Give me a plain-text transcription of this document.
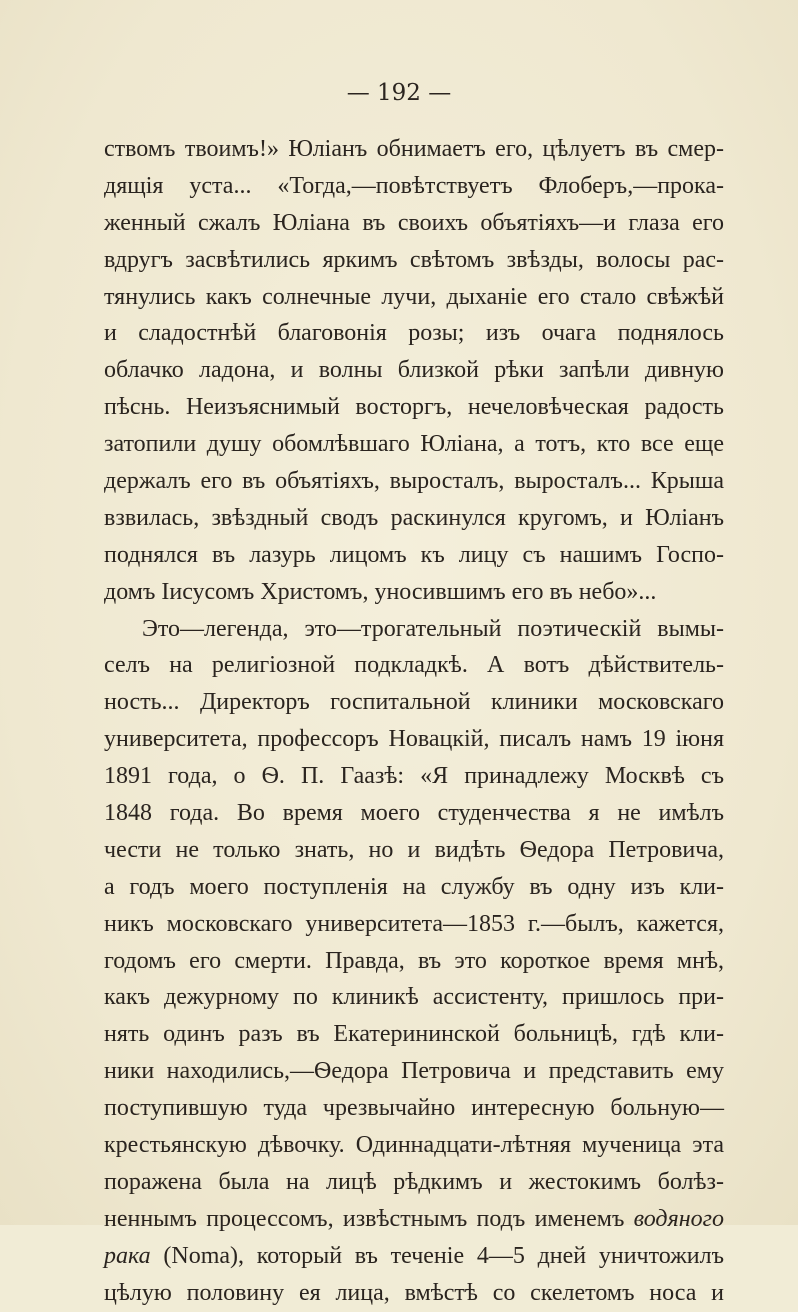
— 192 —
ствомъ твоимъ!» Юліанъ обнимаетъ его, цѣлуетъ въ смер-
дящія уста... «Тогда,—повѣтствуетъ Флоберъ,—прока-
женный сжалъ Юліана въ своихъ объятіяхъ—и глаза его
вдругъ засвѣтились яркимъ свѣтомъ звѣзды, волосы рас-
тянулись какъ солнечные лучи, дыханіе его стало свѣжѣй
и сладостнѣй благовонія розы; изъ очага поднялось
облачко ладона, и волны близкой рѣки запѣли дивную
пѣснь. Неизъяснимый восторгъ, нечеловѣческая радость
затопили душу обомлѣвшаго Юліана, а тотъ, кто все еще
держалъ его въ объятіяхъ, выросталъ, выросталъ... Крыша
взвилась, звѣздный сводъ раскинулся кругомъ, и Юліанъ
поднялся въ лазурь лицомъ къ лицу съ нашимъ Госпо-
домъ Іисусомъ Христомъ, уносившимъ его въ небо»...
Это—легенда, это—трогательный поэтическій вымы-
селъ на религіозной подкладкѣ. А вотъ дѣйствитель-
ность... Директоръ госпитальной клиники московскаго
университета, профессоръ Новацкій, писалъ намъ 19 іюня
1891 года, о Ѳ. П. Гаазѣ: «Я принадлежу Москвѣ съ
1848 года. Во время моего студенчества я не имѣлъ
чести не только знать, но и видѣть Ѳедора Петровича,
а годъ моего поступленія на службу въ одну изъ кли-
никъ московскаго университета—1853 г.—былъ, кажется,
годомъ его смерти. Правда, въ это короткое время мнѣ,
какъ дежурному по клиникѣ ассистенту, пришлось при-
нять одинъ разъ въ Екатерининской больницѣ, гдѣ кли-
ники находились,—Ѳедора Петровича и представить ему
поступившую туда чрезвычайно интересную больную—
крестьянскую дѣвочку. Одиннадцати-лѣтняя мученица эта
поражена была на лицѣ рѣдкимъ и жестокимъ болѣз-
неннымъ процессомъ, извѣстнымъ подъ именемъ водяного
рака (Noma), который въ теченіе 4—5 дней уничтожилъ
цѣлую половину ея лица, вмѣстѣ со скелетомъ носа и
